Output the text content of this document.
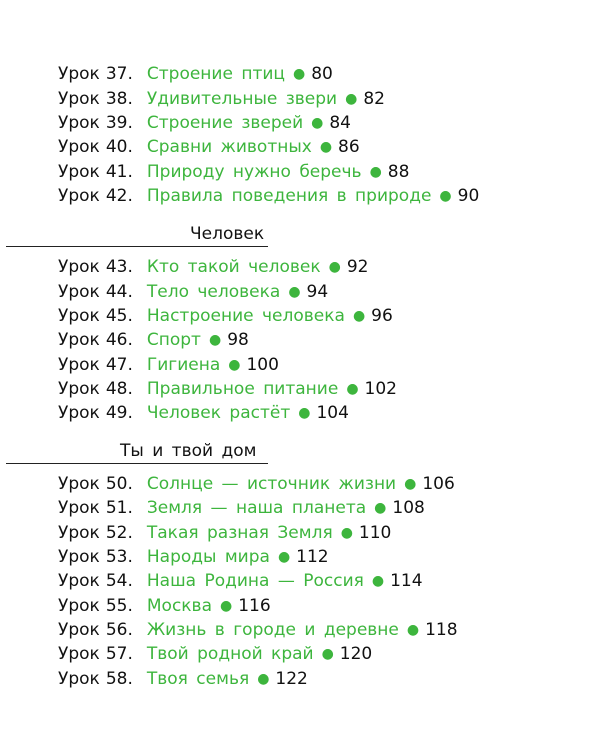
Урок 37. Строение птиц ● 80
Урок 38. Удивительные звери ● 82
Урок 39. Строение зверей ● 84
Урок 40. Сравни животных ● 86
Урок 41. Природу нужно беречь ● 88
Урок 42. Правила поведения в природе ● 90
Человек
Урок 43. Кто такой человек ● 92
Урок 44. Тело человека ● 94
Урок 45. Настроение человека ● 96
Урок 46. Спорт ● 98
Урок 47. Гигиена ● 100
Урок 48. Правильное питание ● 102
Урок 49. Человек растёт ● 104
Ты и твой дом
Урок 50. Солнце — источник жизни ● 106
Урок 51. Земля — наша планета ● 108
Урок 52. Такая разная Земля ● 110
Урок 53. Народы мира ● 112
Урок 54. Наша Родина — Россия ● 114
Урок 55. Москва ● 116
Урок 56. Жизнь в городе и деревне ● 118
Урок 57. Твой родной край ● 120
Урок 58. Твоя семья ● 122
